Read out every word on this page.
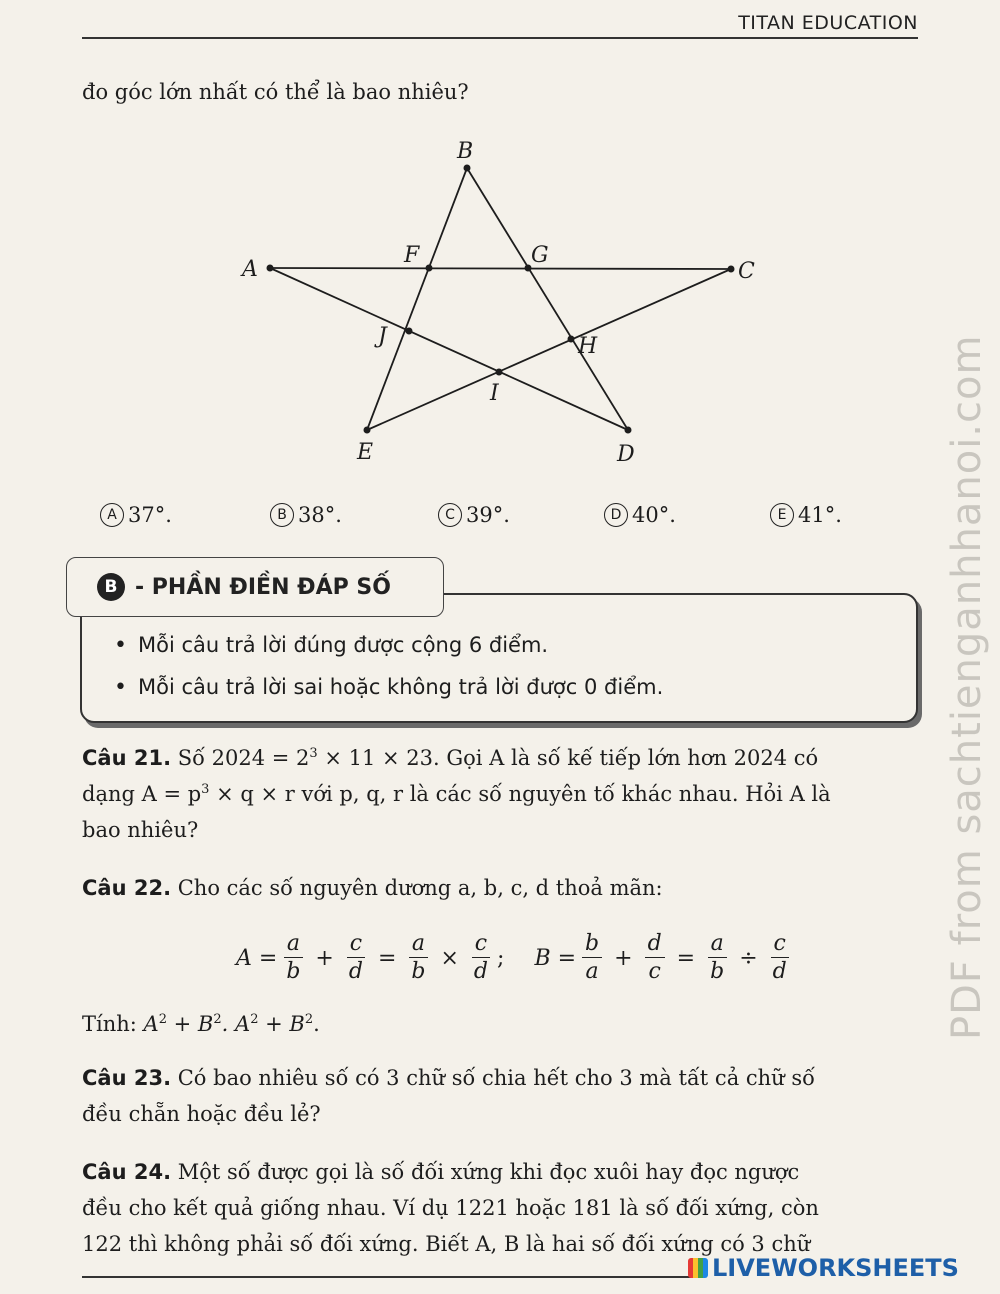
TITAN EDUCATION
đo góc lớn nhất có thể là bao nhiêu?
A
B
C
D
E
F	G
H
I
J
A 37°.	B 38°.	C 39°.	D 40°.	E 41°.
B - PHẦN ĐIỀN ĐÁP SỐ
• Mỗi câu trả lời đúng được cộng 6 điểm.
• Mỗi câu trả lời sai hoặc không trả lời được 0 điểm.
Câu 21. Số $2024 = 2^3 \times 11 \times 23$. Gọi A là số kế tiếp lớn hơn 2024 có
dạng $A = p^3 \times q \times r$ với p, q, r là các số nguyên tố khác nhau. Hỏi A là
bao nhiêu?
Câu 22. Cho các số nguyên dương a, b, c, d thoả mãn:
$A = \frac{a}{b} + \frac{c}{d} = \frac{a}{b} \times \frac{c}{d}$ ; $B = \frac{b}{a} + \frac{d}{c} = \frac{a}{b} \div \frac{c}{d}$
Tính: $A^2 + B^2$. $A^2 + B^2$.
Câu 23. Có bao nhiêu số có 3 chữ số chia hết cho 3 mà tất cả chữ số
đều chẵn hoặc đều lẻ?
Câu 24. Một số được gọi là số đối xứng khi đọc xuôi hay đọc ngược
đều cho kết quả giống nhau. Ví dụ 1221 hoặc 181 là số đối xứng, còn
122 thì không phải số đối xứng. Biết A, B là hai số đối xứng có 3 chữ
PDF from sachtienganhhanoi.com
LIVEWORKSHEETS
